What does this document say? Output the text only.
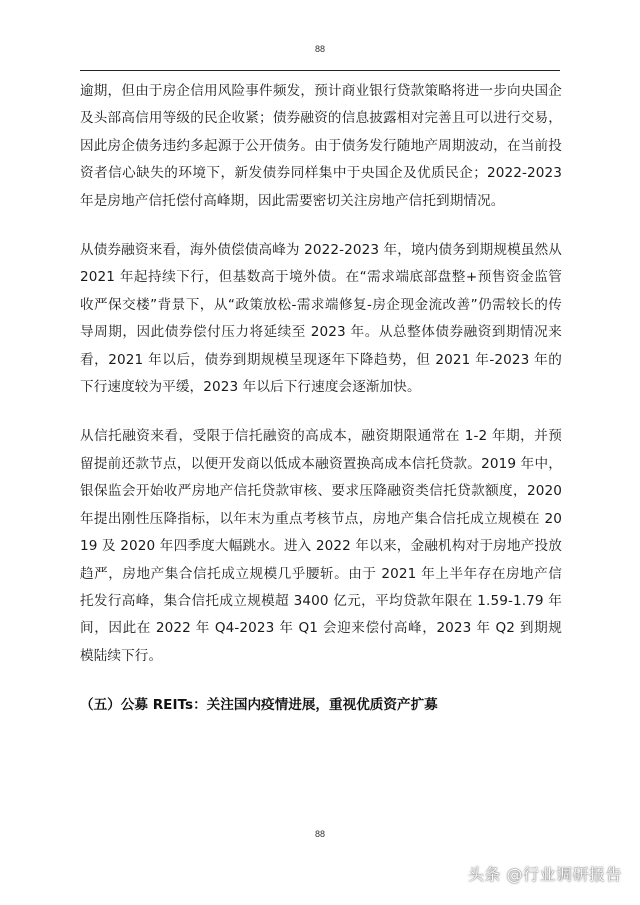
88

逾期，但由于房企信用风险事件频发，预计商业银行贷款策略将进一步向央国企及头部高信用等级的民企收紧；债券融资的信息披露相对完善且可以进行交易，因此房企债务违约多起源于公开债务。由于债务发行随地产周期波动，在当前投资者信心缺失的环境下，新发债券同样集中于央国企及优质民企；2022-2023 年是房地产信托偿付高峰期，因此需要密切关注房地产信托到期情况。

从债券融资来看，海外债偿债高峰为 2022-2023 年，境内债务到期规模虽然从 2021 年起持续下行，但基数高于境外债。在“需求端底部盘整+预售资金监管收严保交楼”背景下，从“政策放松-需求端修复-房企现金流改善”仍需较长的传导周期，因此债券偿付压力将延续至 2023 年。从总整体债券融资到期情况来看，2021 年以后，债券到期规模呈现逐年下降趋势，但 2021 年-2023 年的下行速度较为平缓，2023 年以后下行速度会逐渐加快。

从信托融资来看，受限于信托融资的高成本，融资期限通常在 1-2 年期，并预留提前还款节点，以便开发商以低成本融资置换高成本信托贷款。2019 年中，银保监会开始收严房地产信托贷款审核、要求压降融资类信托贷款额度，2020 年提出刚性压降指标，以年末为重点考核节点，房地产集合信托成立规模在 2019 及 2020 年四季度大幅跳水。进入 2022 年以来，金融机构对于房地产投放趋严，房地产集合信托成立规模几乎腰斩。由于 2021 年上半年存在房地产信托发行高峰，集合信托成立规模超 3400 亿元，平均贷款年限在 1.59-1.79 年间，因此在 2022 年 Q4-2023 年 Q1 会迎来偿付高峰，2023 年 Q2 到期规模陆续下行。

（五）公募 REITs：关注国内疫情进展，重视优质资产扩募
88
头条 @行业调研报告
